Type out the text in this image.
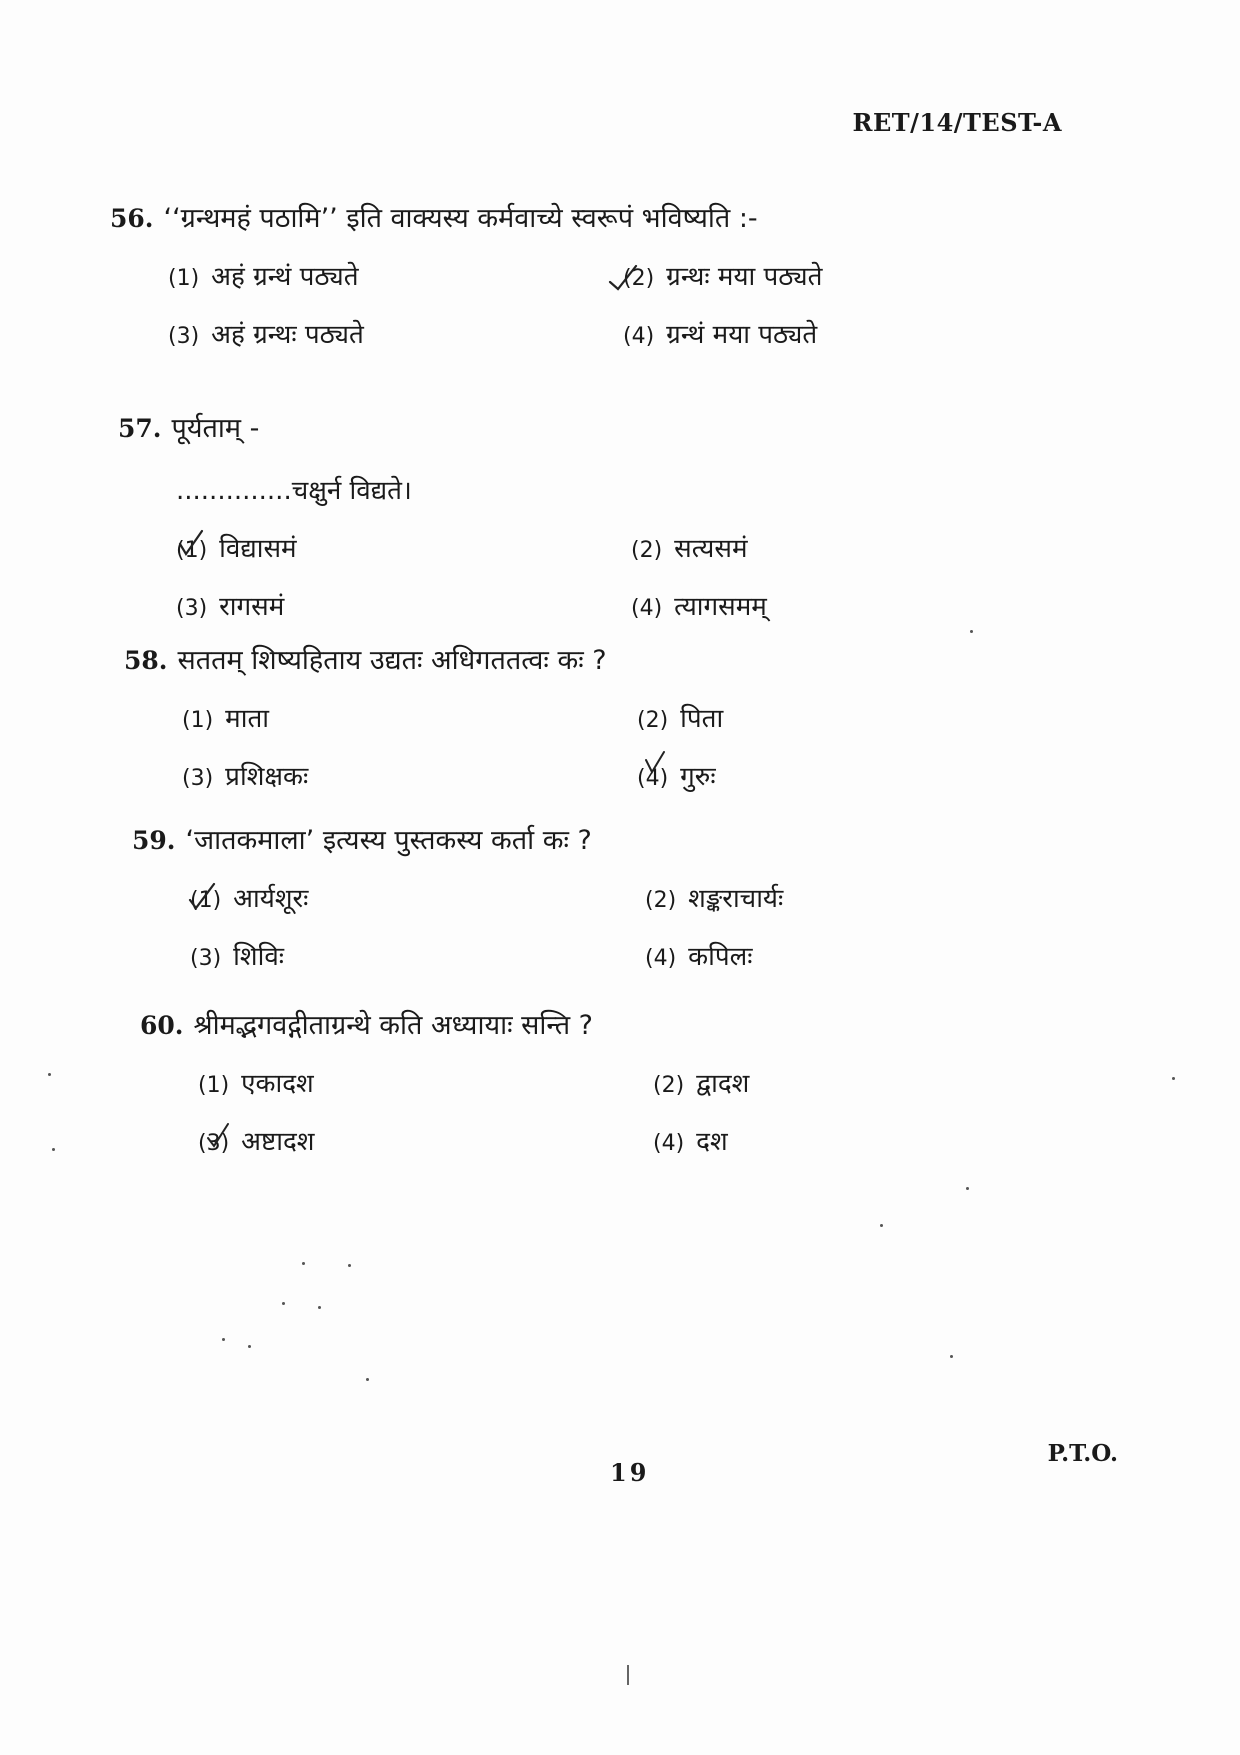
RET/14/TEST-A
56. ‘‘ग्रन्थमहं पठामि’’ इति वाक्यस्य कर्मवाच्ये स्वरूपं भविष्यति :-
(1) अहं ग्रन्थं पठ्यते	(2) ग्रन्थः मया पठ्यते
(3) अहं ग्रन्थः पठ्यते	(4) ग्रन्थं मया पठ्यते
57. पूर्यताम् -
..............चक्षुर्न विद्यते।
(1) विद्यासमं	(2) सत्यसमं
(3) रागसमं	(4) त्यागसमम्
58. सततम् शिष्यहिताय उद्यतः अधिगततत्वः कः ?
(1) माता	(2) पिता
(3) प्रशिक्षकः	(4) गुरुः
59. ‘जातकमाला’ इत्यस्य पुस्तकस्य कर्ता कः ?
(1) आर्यशूरः	(2) शङ्कराचार्यः
(3) शिविः	(4) कपिलः
60. श्रीमद्भगवद्गीताग्रन्थे कति अध्यायाः सन्ति ?
(1) एकादश	(2) द्वादश
(3) अष्टादश	(4) दश
19
P.T.O.
